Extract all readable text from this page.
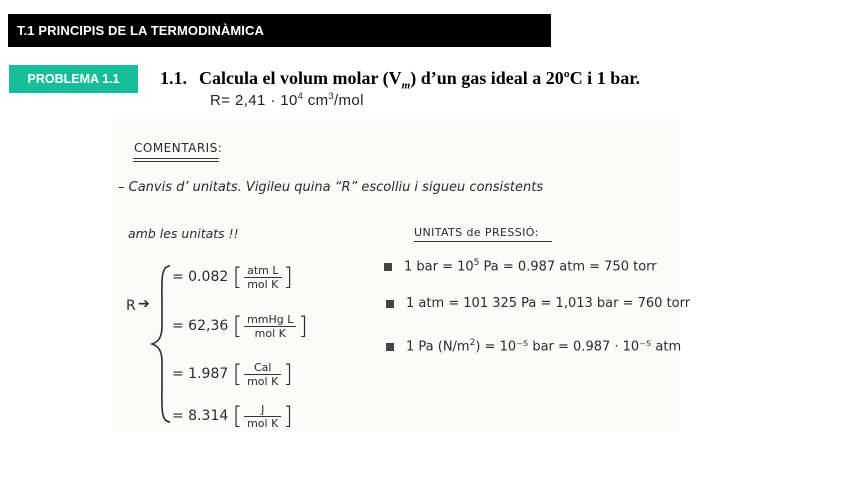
T.1 PRINCIPIS DE LA TERMODINÀMICA
PROBLEMA 1.1	1.1. Calcula el volum molar $(V_m)$ d’un gas ideal a 20ºC i 1 bar.
$R= 2,41 \cdot 10^4$ $cm^3$/mol
COMENTARIS:
– Canvis d’ unitats. Vigileu quina “R” escolliu i sigueu consistents
amb les unitats !!	UNITATS de PRESSIÓ:
R ➔
= 0.082 [ $\frac{\text{atm L}}{\text{mol K}}$ ]
= 62,36 [ $\frac{\text{mmHg L}}{\text{mol K}}$ ]
= 1.987 [ $\frac{\text{Cal}}{\text{mol K}}$ ]
= 8.314 [ $\frac{J}{\text{mol K}}$ ]
1 bar = $10^5$ Pa = 0.987 atm = 750 torr
1 atm = 101 325 Pa = 1,013 bar = 760 torr
1 Pa $(N/m^2) = 10^{-5}$ bar = 0.987 · 10⁻⁵ atm
